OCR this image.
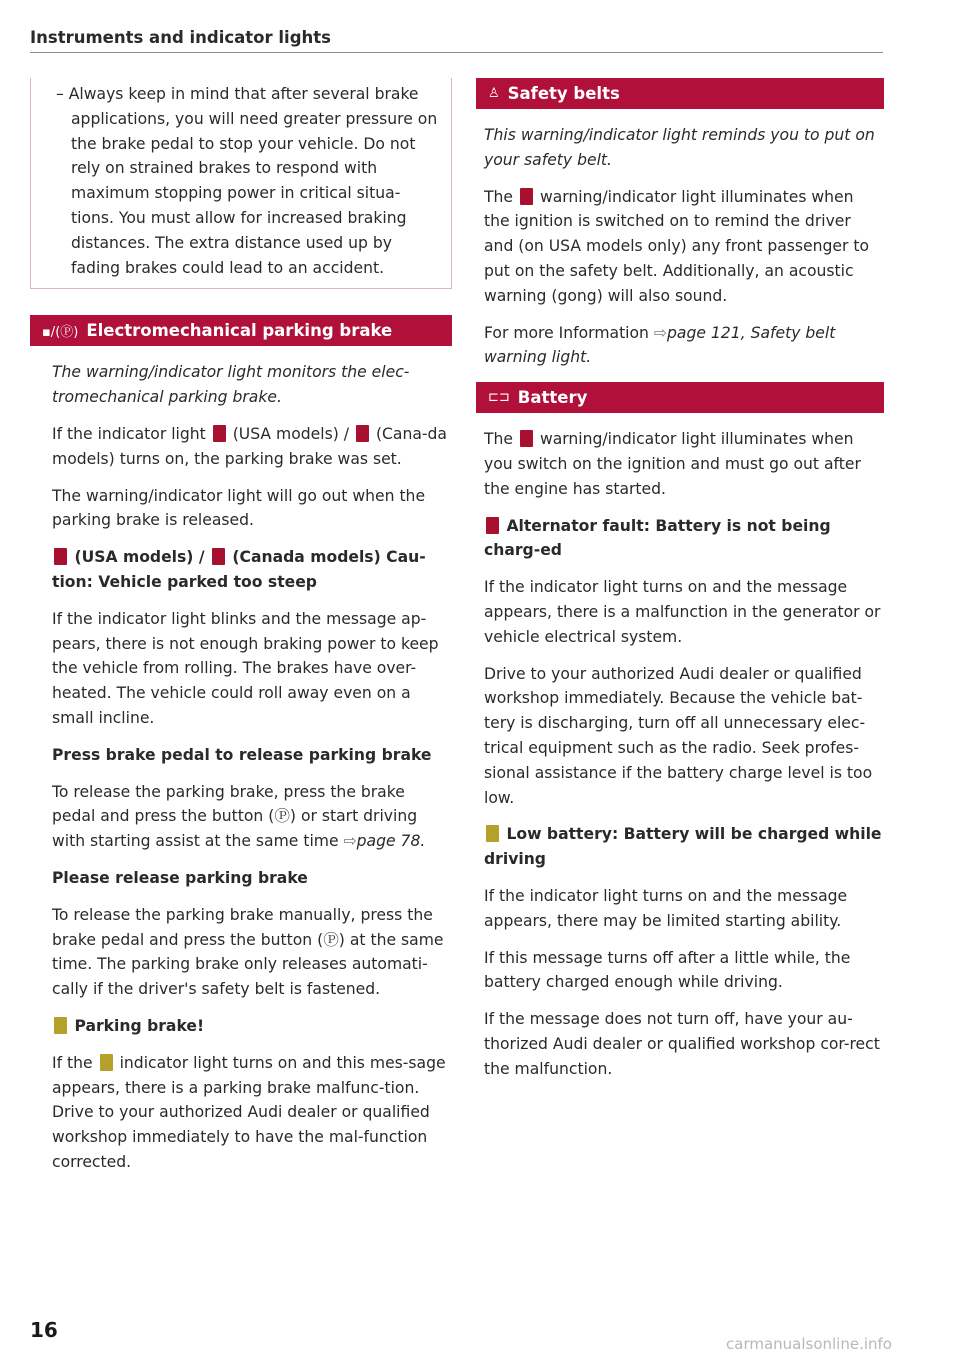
Instruments and indicator lights

– Always keep in mind that after several brake applications, you will need greater pressure on the brake pedal to stop your vehicle. Do not rely on strained brakes to respond with maximum stopping power in critical situa-tions. You must allow for increased braking distances. The extra distance used up by fading brakes could lead to an accident.

▪/(Ⓟ) Electromechanical parking brake

The warning/indicator light monitors the elec-tromechanical parking brake.

If the indicator light (USA models) / (Cana-da models) turns on, the parking brake was set.

The warning/indicator light will go out when the parking brake is released.

(USA models) / (Canada models) Cau-tion: Vehicle parked too steep

If the indicator light blinks and the message ap-pears, there is not enough braking power to keep the vehicle from rolling. The brakes have over-heated. The vehicle could roll away even on a small incline.

Press brake pedal to release parking brake

To release the parking brake, press the brake pedal and press the button (Ⓟ) or start driving with starting assist at the same time ⇨page 78.

Please release parking brake

To release the parking brake manually, press the brake pedal and press the button (Ⓟ) at the same time. The parking brake only releases automati-cally if the driver's safety belt is fastened.

Parking brake!

If the indicator light turns on and this mes-sage appears, there is a parking brake malfunc-tion. Drive to your authorized Audi dealer or qualified workshop immediately to have the mal-function corrected.

♙ Safety belts

This warning/indicator light reminds you to put on your safety belt.

The warning/indicator light illuminates when the ignition is switched on to remind the driver and (on USA models only) any front passenger to put on the safety belt. Additionally, an acoustic warning (gong) will also sound.

For more Information ⇨page 121, Safety belt warning light.

⊏⊐ Battery

The warning/indicator light illuminates when you switch on the ignition and must go out after the engine has started.

Alternator fault: Battery is not being charg-ed

If the indicator light turns on and the message appears, there is a malfunction in the generator or vehicle electrical system.

Drive to your authorized Audi dealer or qualified workshop immediately. Because the vehicle bat-tery is discharging, turn off all unnecessary elec-trical equipment such as the radio. Seek profes-sional assistance if the battery charge level is too low.

Low battery: Battery will be charged while driving

If the indicator light turns on and the message appears, there may be limited starting ability.

If this message turns off after a little while, the battery charged enough while driving.

If the message does not turn off, have your au-thorized Audi dealer or qualified workshop cor-rect the malfunction.

16
carmanualsonline.info
